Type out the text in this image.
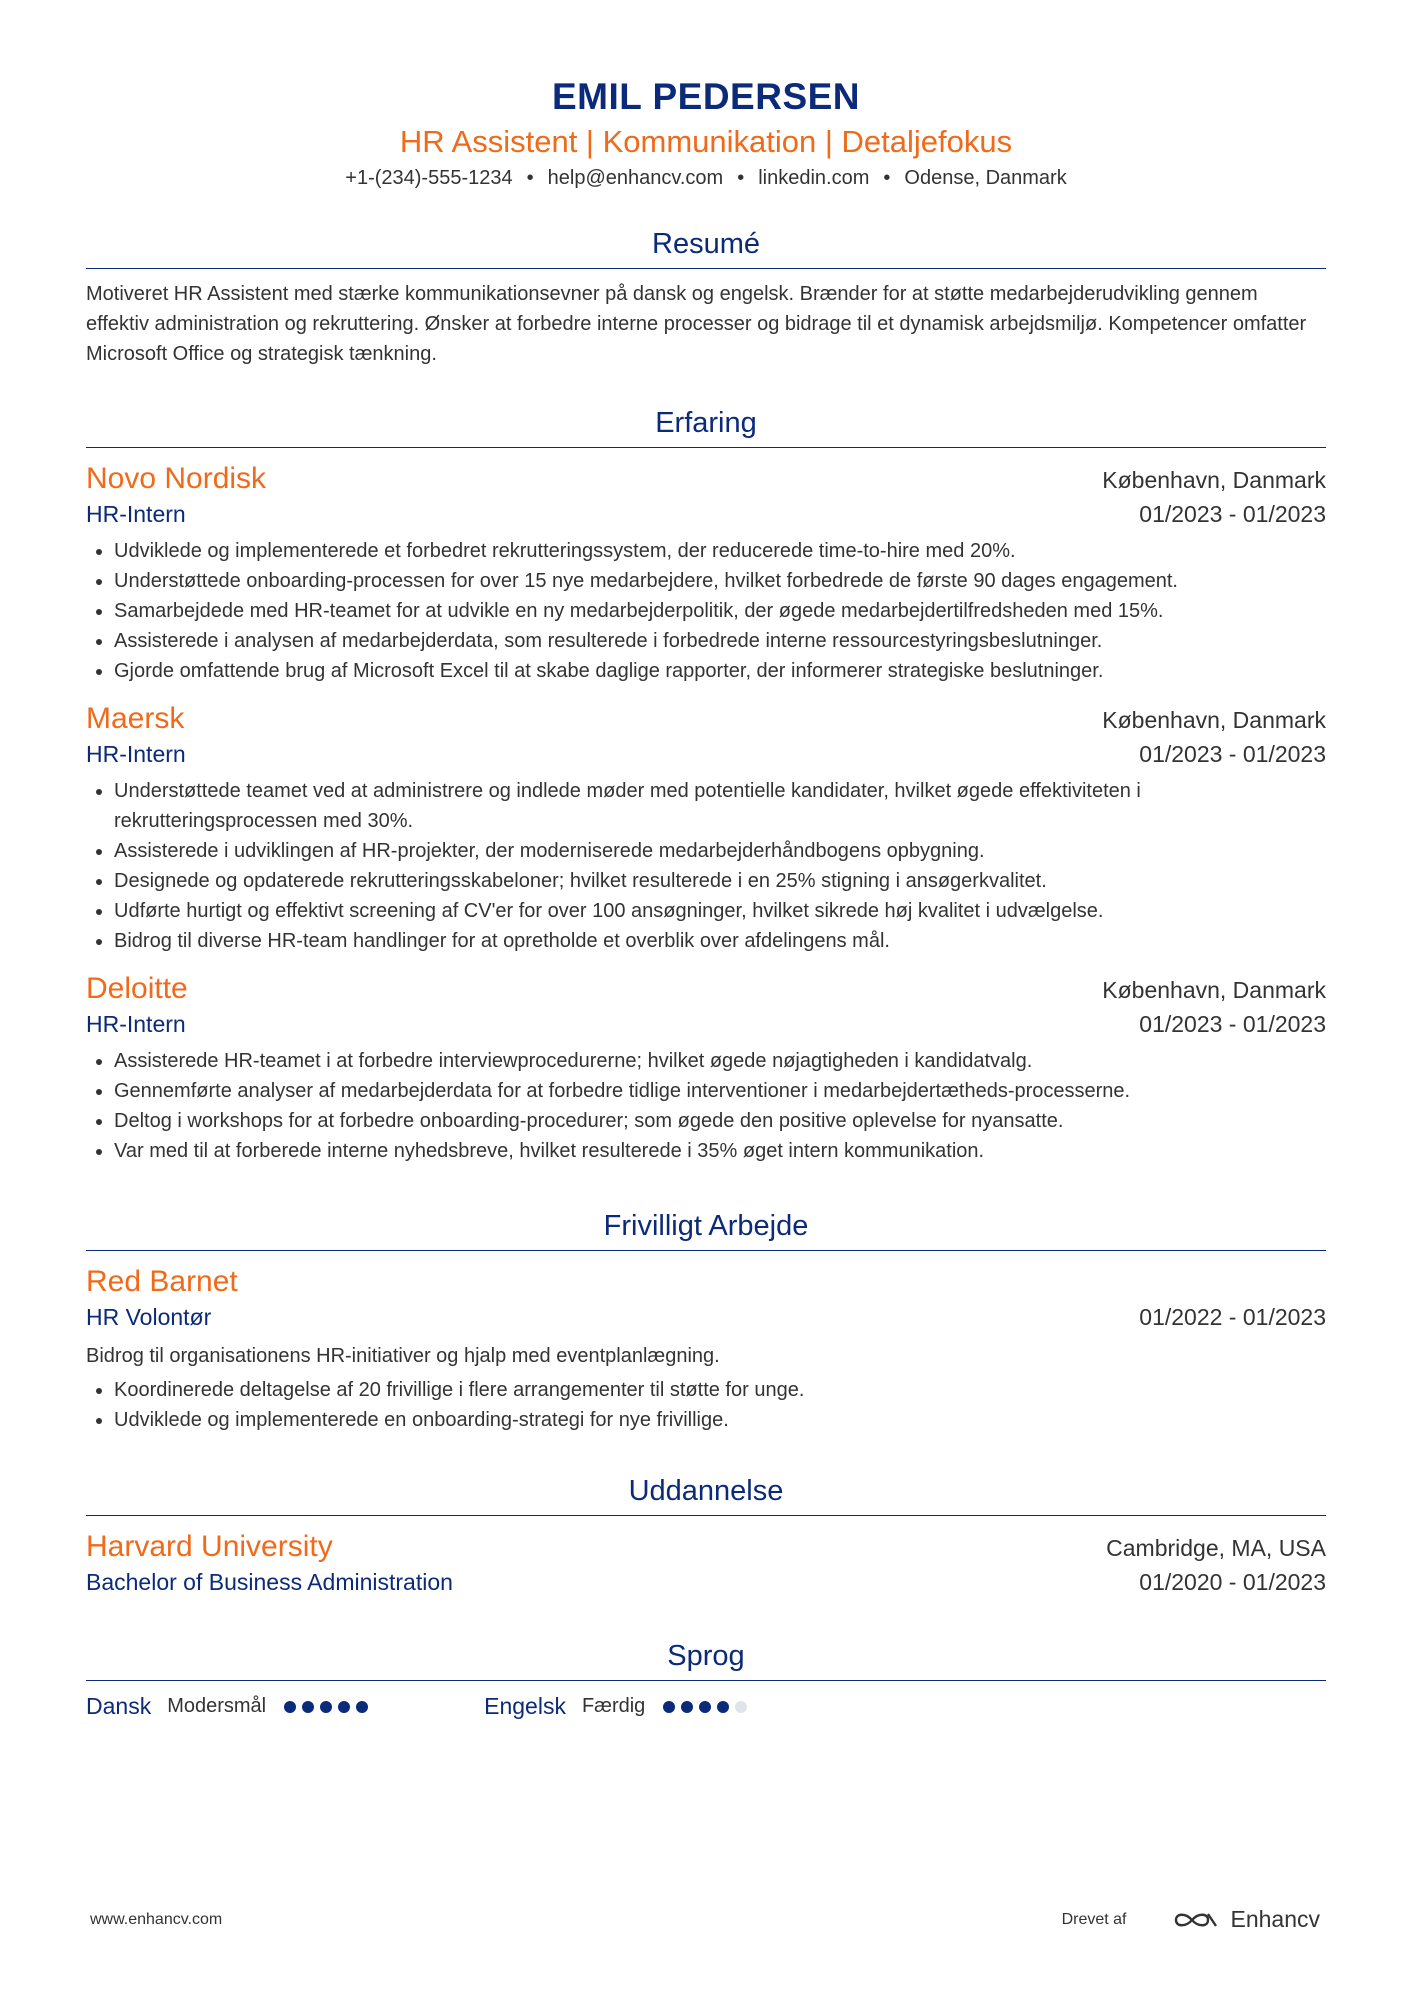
EMIL PEDERSEN
HR Assistent | Kommunikation | Detaljefokus
+1-(234)-555-1234 • help@enhancv.com • linkedin.com • Odense, Danmark
Resumé
Motiveret HR Assistent med stærke kommunikationsevner på dansk og engelsk. Brænder for at støtte medarbejderudvikling gennem effektiv administration og rekruttering. Ønsker at forbedre interne processer og bidrage til et dynamisk arbejdsmiljø. Kompetencer omfatter Microsoft Office og strategisk tænkning.
Erfaring
Novo Nordisk	København, Danmark
HR-Intern	01/2023 - 01/2023
Udviklede og implementerede et forbedret rekrutteringssystem, der reducerede time-to-hire med 20%.
Understøttede onboarding-processen for over 15 nye medarbejdere, hvilket forbedrede de første 90 dages engagement.
Samarbejdede med HR-teamet for at udvikle en ny medarbejderpolitik, der øgede medarbejdertilfredsheden med 15%.
Assisterede i analysen af medarbejderdata, som resulterede i forbedrede interne ressourcestyringsbeslutninger.
Gjorde omfattende brug af Microsoft Excel til at skabe daglige rapporter, der informerer strategiske beslutninger.
Maersk	København, Danmark
HR-Intern	01/2023 - 01/2023
Understøttede teamet ved at administrere og indlede møder med potentielle kandidater, hvilket øgede effektiviteten i rekrutteringsprocessen med 30%.
Assisterede i udviklingen af HR-projekter, der moderniserede medarbejderhåndbogens opbygning.
Designede og opdaterede rekrutteringsskabeloner; hvilket resulterede i en 25% stigning i ansøgerkvalitet.
Udførte hurtigt og effektivt screening af CV'er for over 100 ansøgninger, hvilket sikrede høj kvalitet i udvælgelse.
Bidrog til diverse HR-team handlinger for at opretholde et overblik over afdelingens mål.
Deloitte	København, Danmark
HR-Intern	01/2023 - 01/2023
Assisterede HR-teamet i at forbedre interviewprocedurerne; hvilket øgede nøjagtigheden i kandidatvalg.
Gennemførte analyser af medarbejderdata for at forbedre tidlige interventioner i medarbejdertætheds-processerne.
Deltog i workshops for at forbedre onboarding-procedurer; som øgede den positive oplevelse for nyansatte.
Var med til at forberede interne nyhedsbreve, hvilket resulterede i 35% øget intern kommunikation.
Frivilligt Arbejde
Red Barnet
HR Volontør	01/2022 - 01/2023
Bidrog til organisationens HR-initiativer og hjalp med eventplanlægning.
Koordinerede deltagelse af 20 frivillige i flere arrangementer til støtte for unge.
Udviklede og implementerede en onboarding-strategi for nye frivillige.
Uddannelse
Harvard University	Cambridge, MA, USA
Bachelor of Business Administration	01/2020 - 01/2023
Sprog
Dansk Modersmål	Engelsk Færdig
www.enhancv.com	Drevet af	Enhancv
